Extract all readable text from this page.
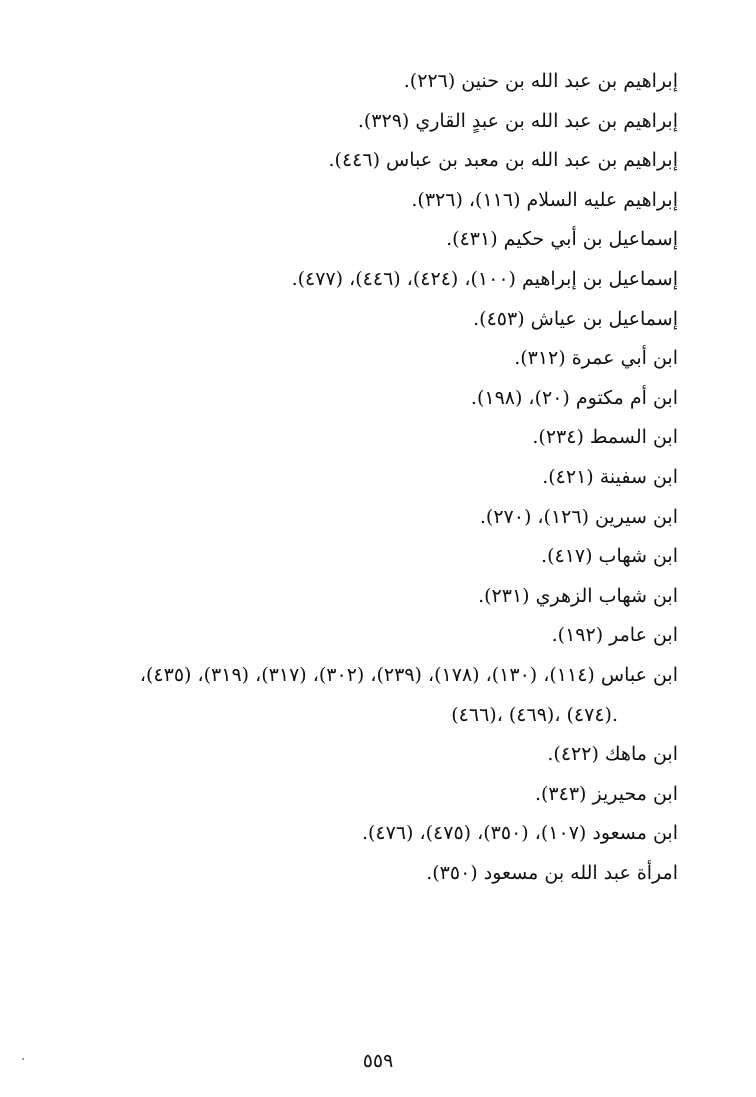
إبراهيم بن عبد الله بن حنين (٢٢٦).
إبراهيم بن عبد الله بن عبدٍ القاري (٣٢٩).
إبراهيم بن عبد الله بن معبد بن عباس (٤٤٦).
إبراهيم عليه السلام (١١٦)، (٣٢٦).
إسماعيل بن أبي حكيم (٤٣١).
إسماعيل بن إبراهيم (١٠٠)، (٤٢٤)، (٤٤٦)، (٤٧٧).
إسماعيل بن عياش (٤٥٣).
ابن أبي عمرة (٣١٢).
ابن أم مكتوم (٢٠)، (١٩٨).
ابن السمط (٢٣٤).
ابن سفينة (٤٢١).
ابن سيرين (١٢٦)، (٢٧٠).
ابن شهاب (٤١٧).
ابن شهاب الزهري (٢٣١).
ابن عامر (١٩٢).
ابن عباس (١١٤)، (١٣٠)، (١٧٨)، (٢٣٩)، (٣٠٢)، (٣١٧)، (٣١٩)، (٤٣٥)،
(٤٦٦)، (٤٦٩)، (٤٧٤).
ابن ماهك (٤٢٢).
ابن محيريز (٣٤٣).
ابن مسعود (١٠٧)، (٣٥٠)، (٤٧٥)، (٤٧٦).
امرأة عبد الله بن مسعود (٣٥٠).
٥٥٩
